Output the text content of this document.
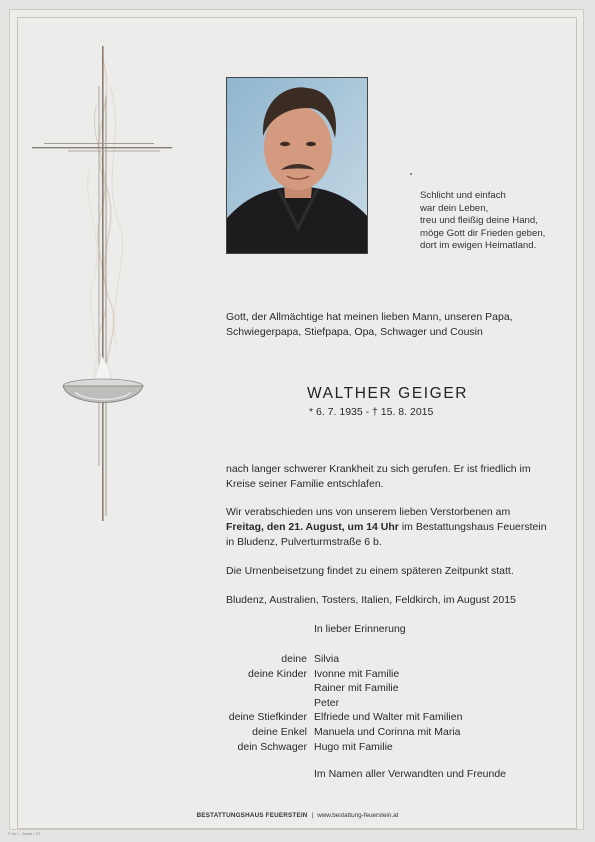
Schlicht und einfach
war dein Leben,
treu und fleißig deine Hand,
möge Gott dir Frieden geben,
dort im ewigen Heimatland.
Gott, der Allmächtige hat meinen lieben Mann, unseren Papa, Schwiegerpapa, Stiefpapa, Opa, Schwager und Cousin
WALTHER GEIGER
* 6. 7. 1935 - † 15. 8. 2015
nach langer schwerer Krankheit zu sich gerufen. Er ist friedlich im Kreise seiner Familie entschlafen.
Wir verabschieden uns von unserem lieben Verstorbenen am
Freitag, den 21. August, um 14 Uhr im Bestattungshaus Feuerstein in Bludenz, Pulverturmstraße 6 b.
Die Urnenbeisetzung findet zu einem späteren Zeitpunkt statt.
Bludenz, Australien, Tosters, Italien, Feldkirch, im August 2015
In lieber Erinnerung
deine Silvia
deine Kinder Ivonne mit Familie
Rainer mit Familie
Peter
deine Stiefkinder Elfriede und Walter mit Familien
deine Enkel Manuela und Corinna mit Maria
dein Schwager Hugo mit Familie
Im Namen aller Verwandten und Freunde
BESTATTUNGSHAUS FEUERSTEIN | www.bestattung-feuerstein.at
© by t - Juwel / 13
